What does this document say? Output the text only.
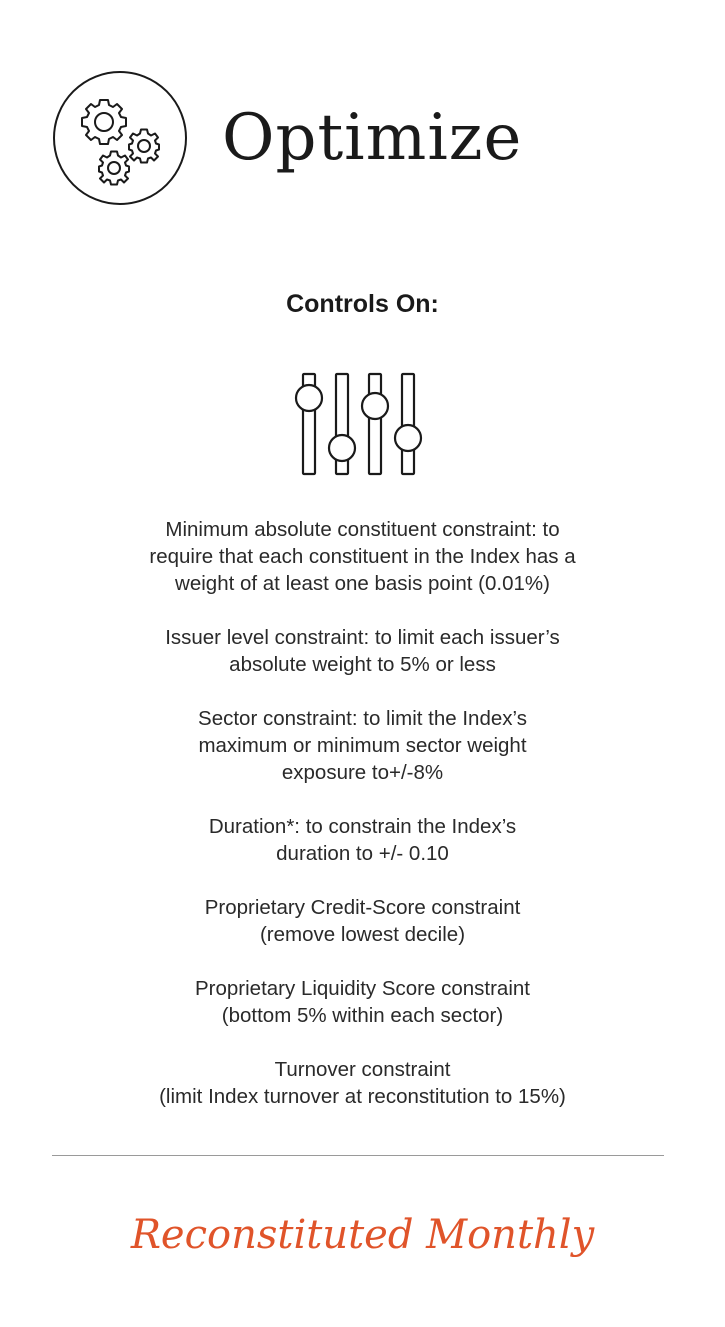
Optimize
Controls On:
Minimum absolute constituent constraint: to
require that each constituent in the Index has a
weight of at least one basis point (0.01%)
Issuer level constraint: to limit each issuer’s
absolute weight to 5% or less
Sector constraint: to limit the Index’s
maximum or minimum sector weight
exposure to+/-8%
Duration*: to constrain the Index’s
duration to +/- 0.10
Proprietary Credit-Score constraint
(remove lowest decile)
Proprietary Liquidity Score constraint
(bottom 5% within each sector)
Turnover constraint
(limit Index turnover at reconstitution to 15%)
Reconstituted Monthly
